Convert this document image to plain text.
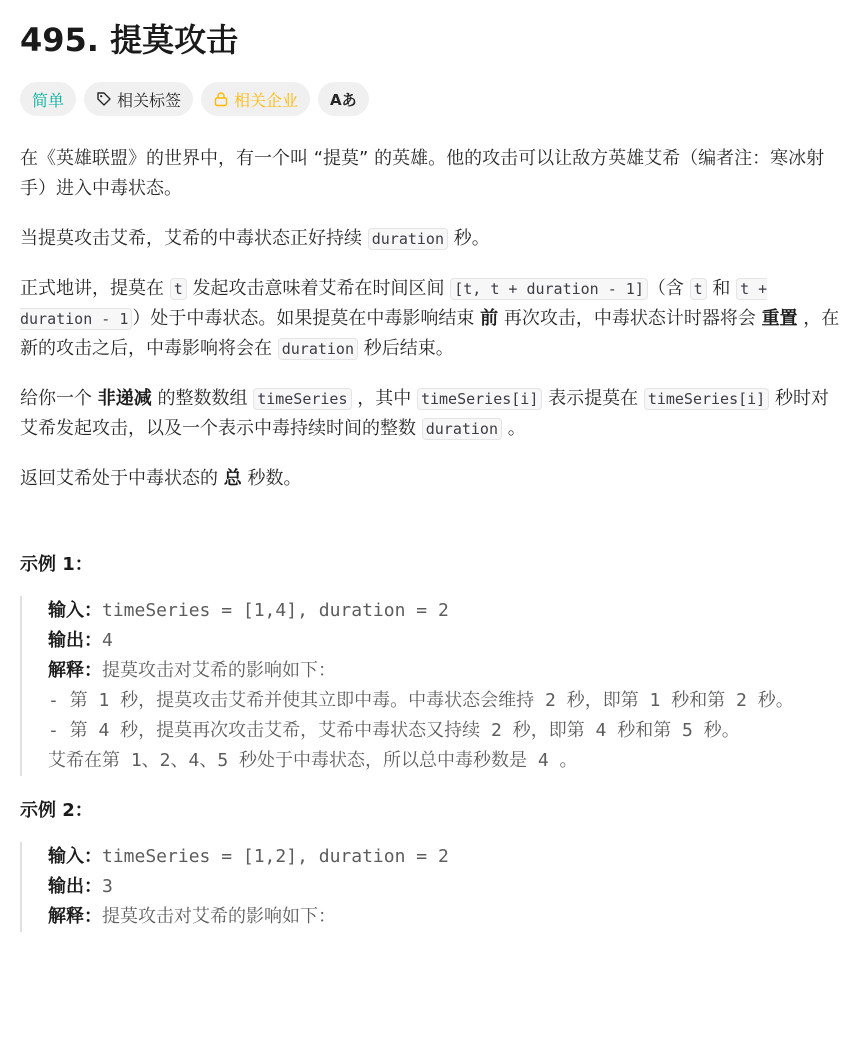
495. 提莫攻击
简单	相关标签	相关企业 Aあ

在《英雄联盟》的世界中，有一个叫 “提莫” 的英雄。他的攻击可以让敌方英雄艾希（编者注：寒冰射手）进入中毒状态。

当提莫攻击艾希，艾希的中毒状态正好持续 duration 秒。

正式地讲，提莫在 t 发起攻击意味着艾希在时间区间 [t, t + duration - 1] （含 t 和 t + duration - 1 ）处于中毒状态。如果提莫在中毒影响结束 前 再次攻击，中毒状态计时器将会 重置 ，在新的攻击之后，中毒影响将会在 duration 秒后结束。

给你一个 非递减 的整数数组 timeSeries ，其中 timeSeries[i] 表示提莫在 timeSeries[i] 秒时对艾希发起攻击，以及一个表示中毒持续时间的整数 duration 。

返回艾希处于中毒状态的 总 秒数。

示例 1：
输入：timeSeries = [1,4], duration = 2
输出：4
解释：提莫攻击对艾希的影响如下：
- 第 1 秒，提莫攻击艾希并使其立即中毒。中毒状态会维持 2 秒，即第 1 秒和第 2 秒。
- 第 4 秒，提莫再次攻击艾希，艾希中毒状态又持续 2 秒，即第 4 秒和第 5 秒。
艾希在第 1、2、4、5 秒处于中毒状态，所以总中毒秒数是 4 。
示例 2：
输入：timeSeries = [1,2], duration = 2
输出：3
解释：提莫攻击对艾希的影响如下：
